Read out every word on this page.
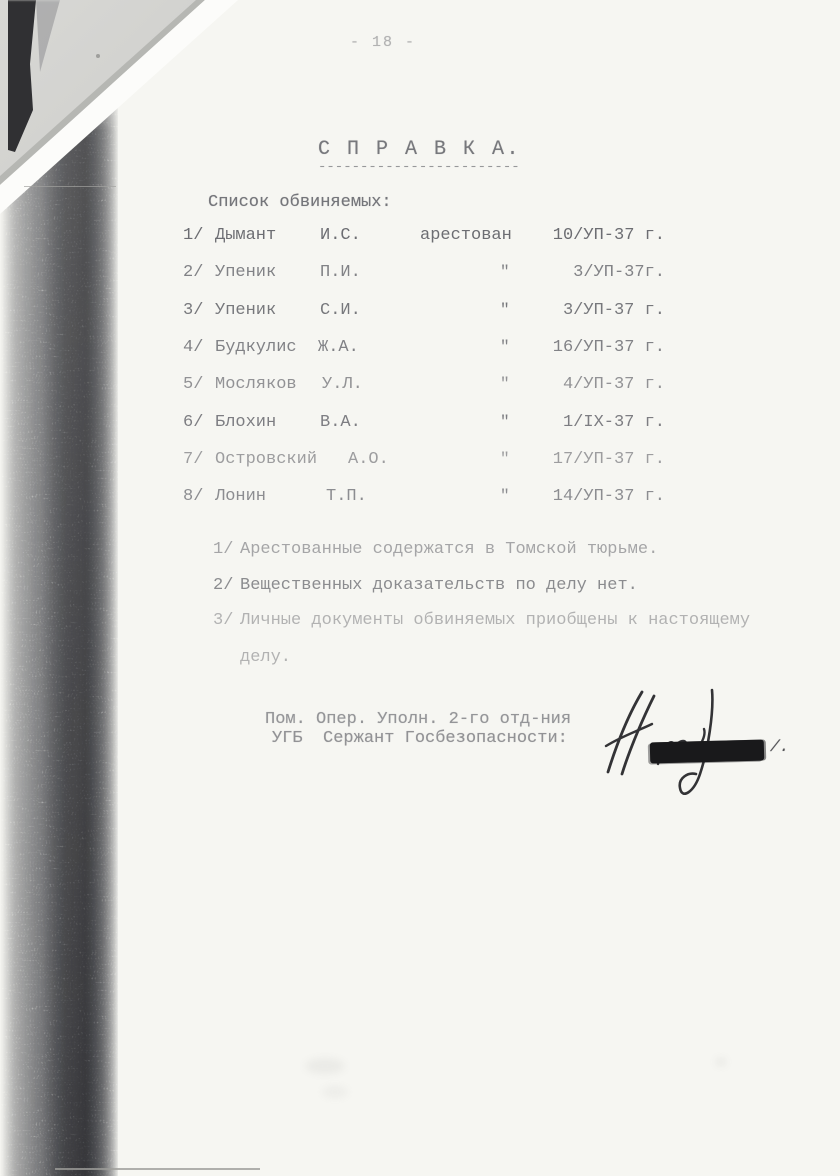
- 18 -
С П Р А В К А.
------------------------
Список обвиняемых:
1/ Дымант	И.С.	арестован	10/УП-37 г.
2/ Упеник	П.И.	"	3/УП-37г.
3/ Упеник	С.И.	"	3/УП-37 г.
4/ Будкулис Ж.А.	"	16/УП-37 г.
5/ Мосляков У.Л.	"	4/УП-37 г.
6/ Блохин	В.А.	"	1/IХ-37 г.
7/ Островский А.О.	"	17/УП-37 г.
8/ Лонин	Т.П.	"	14/УП-37 г.
1/ Арестованные содержатся в Томской тюрьме.
2/ Вещественных доказательств по делу нет.
3/ Личные документы обвиняемых приобщены к настоящему
делу.
Пом. Опер. Уполн. 2-го отд-ния
УГБ  Сержант Госбезопасности:	/.
